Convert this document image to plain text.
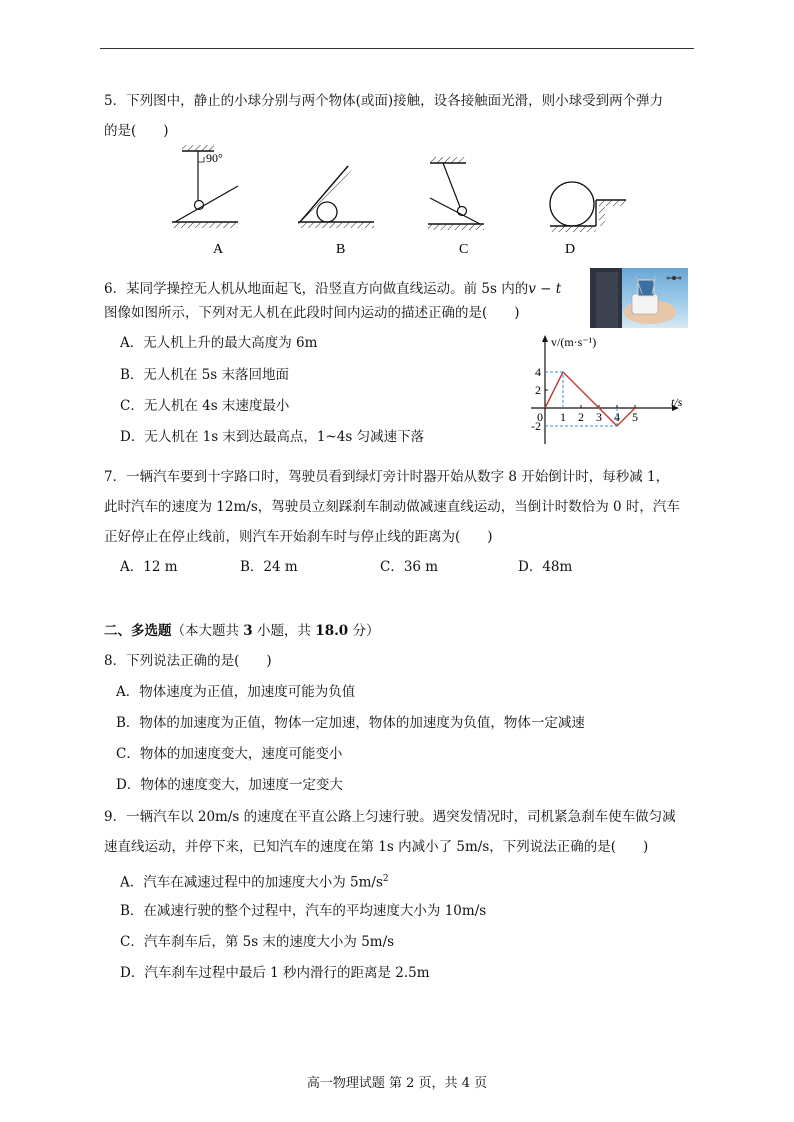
5．下列图中，静止的小球分别与两个物体(或面)接触，设各接触面光滑，则小球受到两个弹力
的是(　　)
90°
A	B	C	D
6．某同学操控无人机从地面起飞，沿竖直方向做直线运动。前 5s 内的v − t
图像如图所示，下列对无人机在此段时间内运动的描述正确的是(　　)
A．无人机上升的最大高度为 6m
B．无人机在 5s 末落回地面
C．无人机在 4s 末速度最小
D．无人机在 1s 末到达最高点，1~4s 匀减速下落
v/(m·s⁻¹)
t/s
0 1 2 3 4 5
4
2
-2
7．一辆汽车要到十字路口时，驾驶员看到绿灯旁计时器开始从数字 8 开始倒计时，每秒减 1，
此时汽车的速度为 12m/s，驾驶员立刻踩刹车制动做减速直线运动，当倒计时数恰为 0 时，汽车
正好停止在停止线前，则汽车开始刹车时与停止线的距离为(　　)
A．12 m	B．24 m	C．36 m	D．48m
二、多选题（本大题共 3 小题，共 18.0 分）
8．下列说法正确的是(　　)
A．物体速度为正值，加速度可能为负值
B．物体的加速度为正值，物体一定加速，物体的加速度为负值，物体一定减速
C．物体的加速度变大，速度可能变小
D．物体的速度变大，加速度一定变大
9．一辆汽车以 20m/s 的速度在平直公路上匀速行驶。遇突发情况时，司机紧急刹车使车做匀减
速直线运动，并停下来，已知汽车的速度在第 1s 内减小了 5m/s，下列说法正确的是(　　)
A．汽车在减速过程中的加速度大小为 $5m/s^2$
B．在减速行驶的整个过程中，汽车的平均速度大小为 10m/s
C．汽车刹车后，第 5s 末的速度大小为 5m/s
D．汽车刹车过程中最后 1 秒内滑行的距离是 2.5m
高一物理试题 第 2 页，共 4 页
